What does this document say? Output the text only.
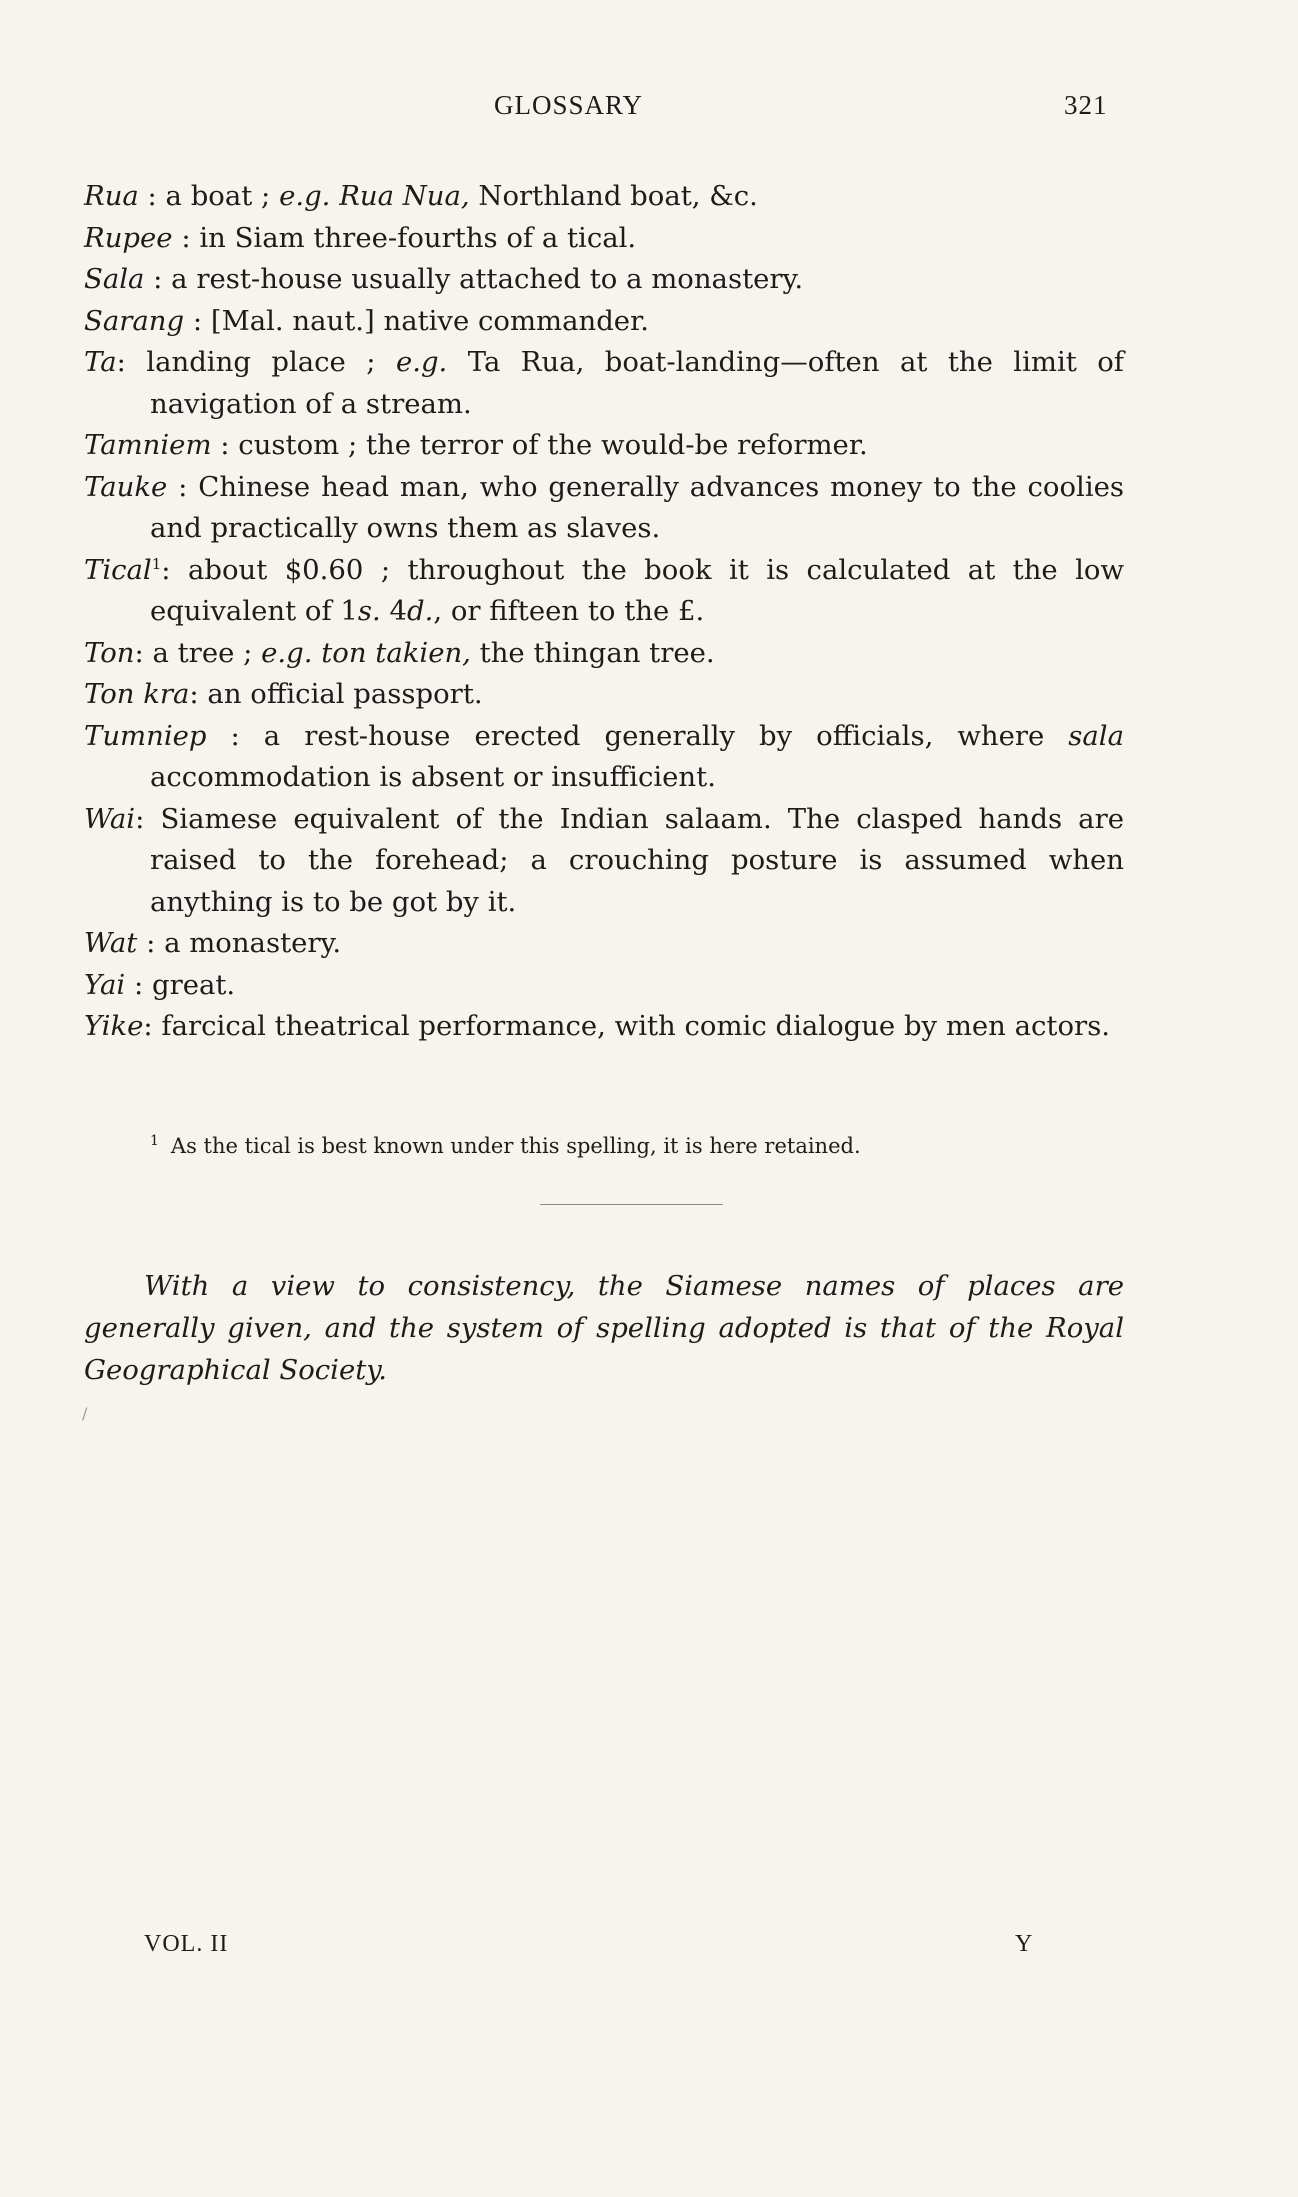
GLOSSARY	321

Rua : a boat ; e.g. Rua Nua, Northland boat, &c.

Rupee : in Siam three-fourths of a tical.

Sala : a rest-house usually attached to a monastery.

Sarang : [Mal. naut.] native commander.

Ta: landing place ; e.g. Ta Rua, boat-landing—often at the limit of navigation of a stream.

Tamniem : custom ; the terror of the would-be reformer.

Tauke : Chinese head man, who generally advances money to the coolies and practically owns them as slaves.

Tical$^1$: about $0.60 ; throughout the book it is calculated at the low equivalent of 1s. 4d., or fifteen to the £.

Ton: a tree ; e.g. ton takien, the thingan tree.

Ton kra: an official passport.

Tumniep : a rest-house erected generally by officials, where sala accommodation is absent or insufficient.

Wai: Siamese equivalent of the Indian salaam. The clasped hands are raised to the forehead; a crouching posture is assumed when anything is to be got by it.

Wat : a monastery.

Yai : great.

Yike: farcical theatrical performance, with comic dialogue by men actors.

$^1$ As the tical is best known under this spelling, it is here retained.

With a view to consistency, the Siamese names of places are generally given, and the system of spelling adopted is that of the Royal Geographical Society.

/
VOL. II	Y
